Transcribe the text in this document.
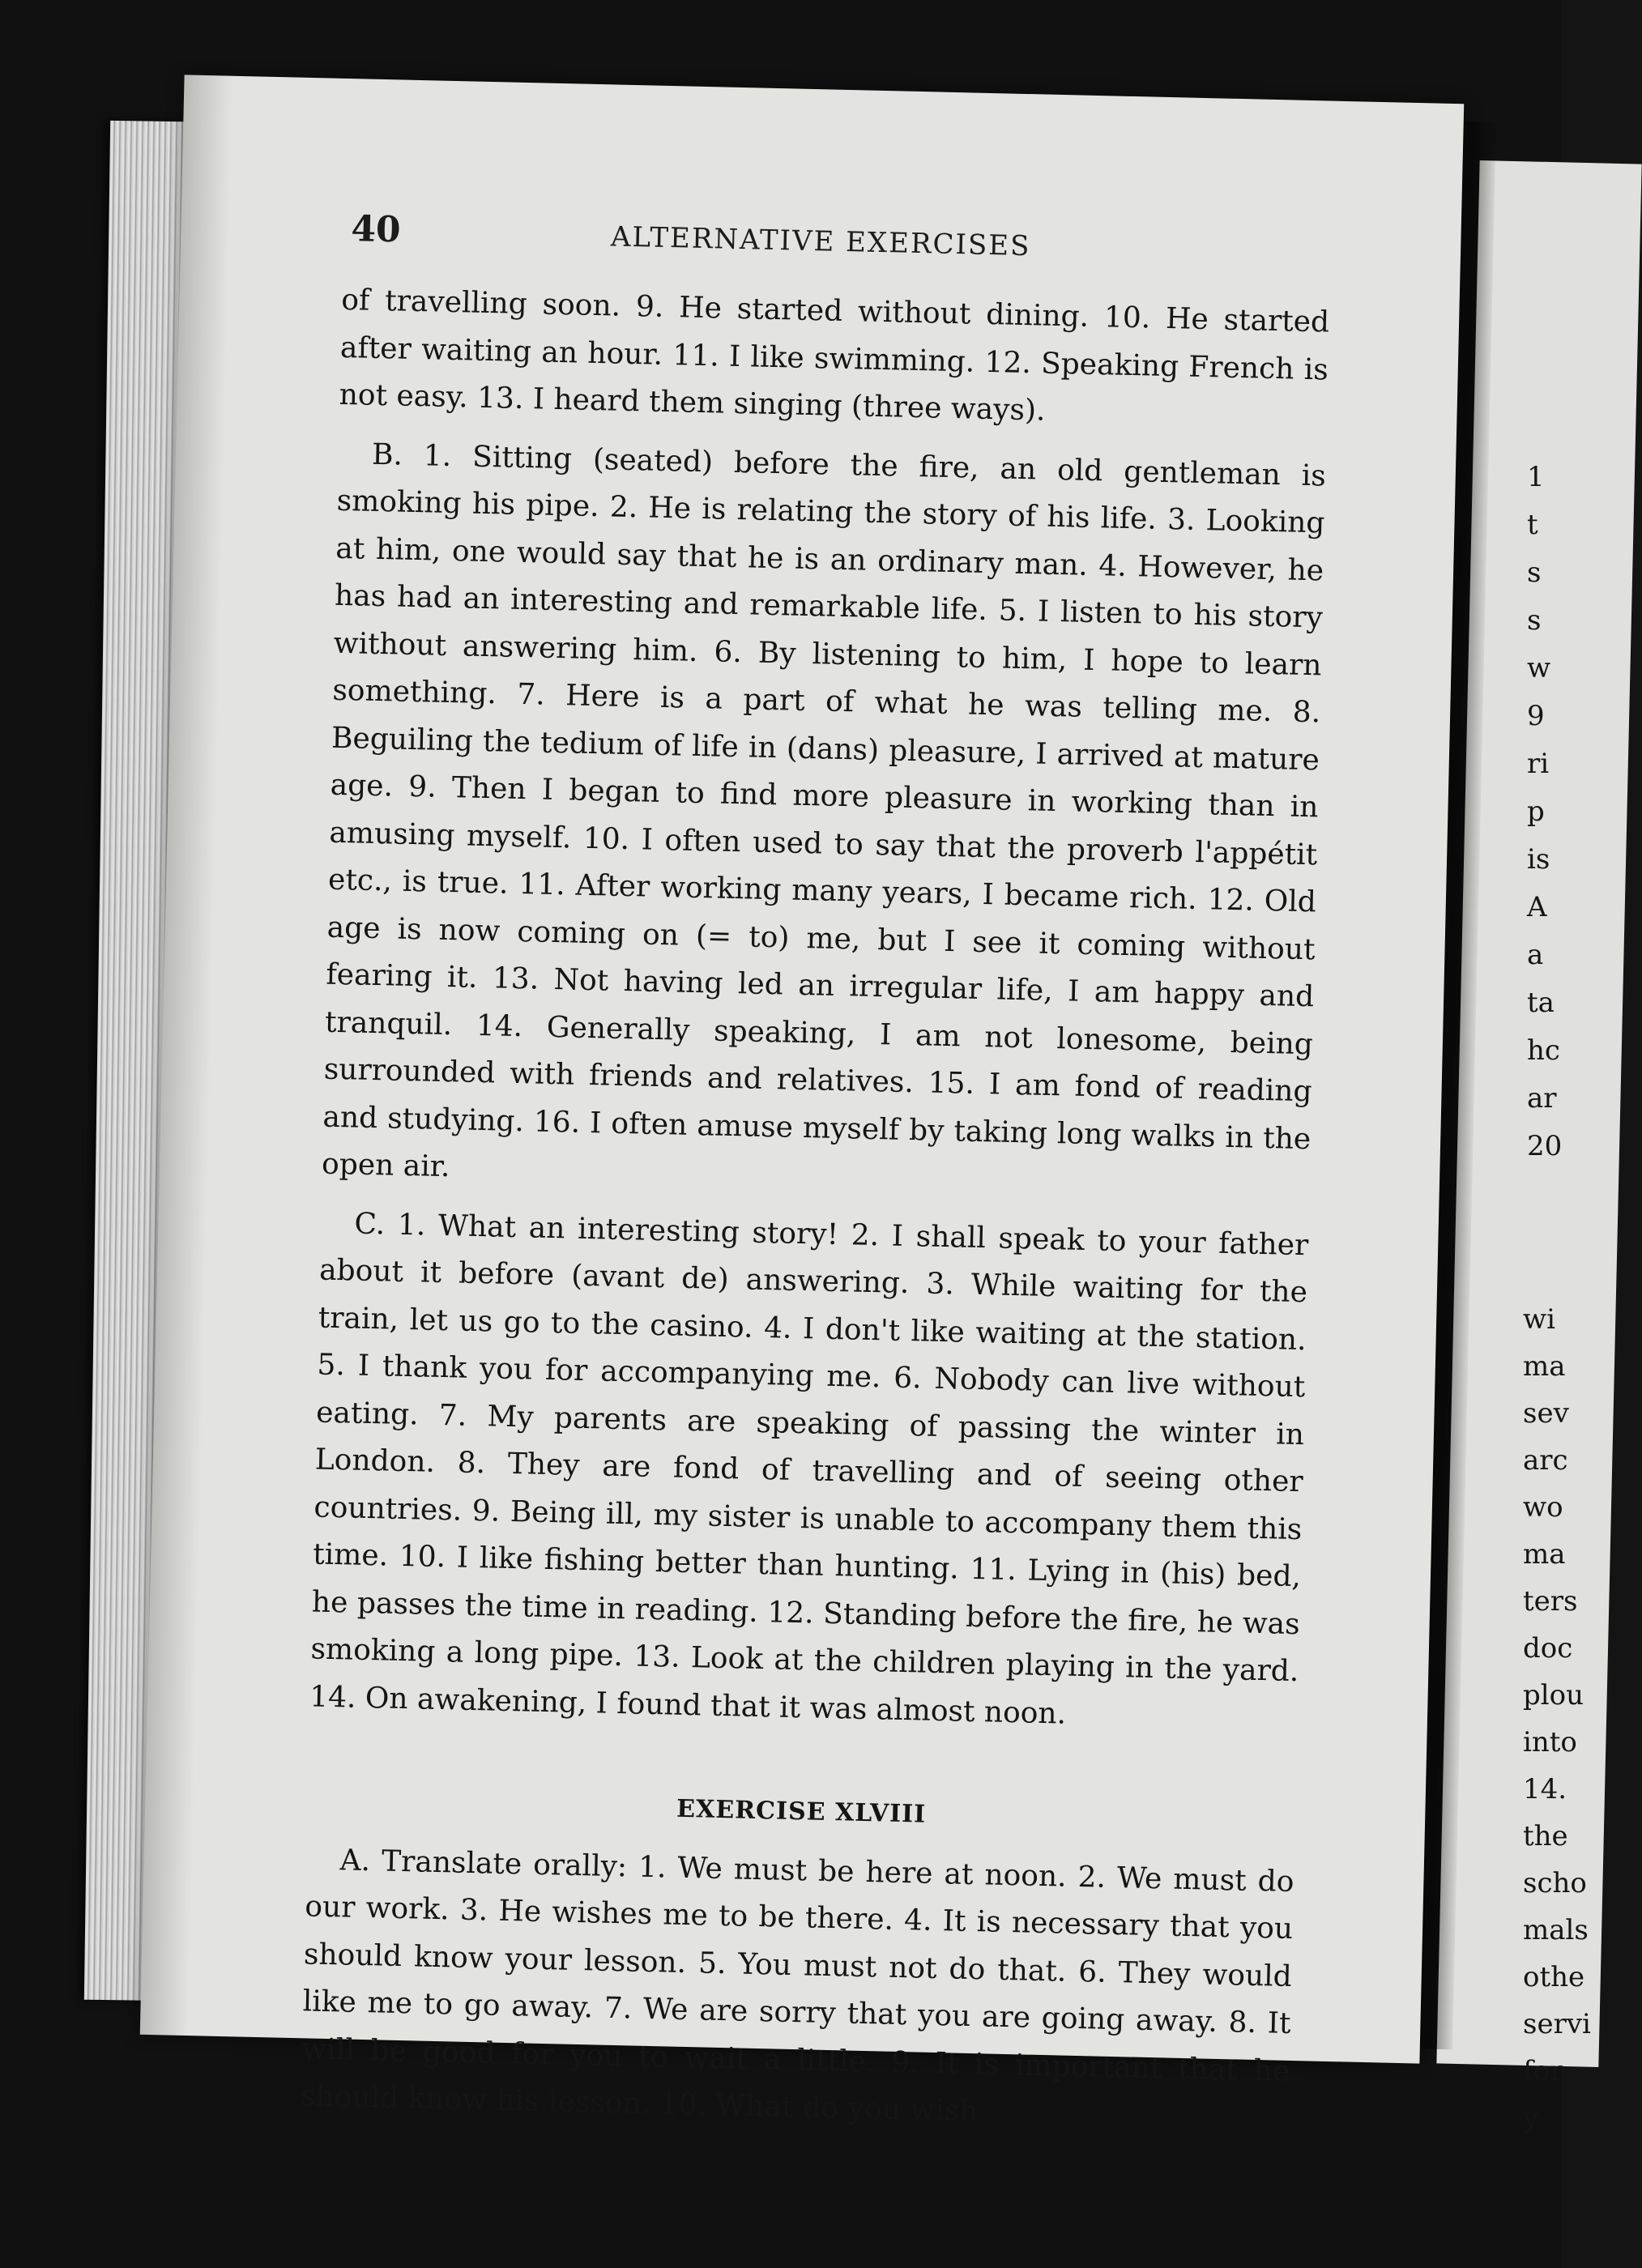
1
t
s
s
w
9
ri
p
is
A
a
ta
hc
ar
20
wi
ma
sev
arc
wo
ma
ters
doc
plou
into
14.
the
scho
mals
othe
servi
for y
40	ALTERNATIVE EXERCISES

of travelling soon. 9. He started without dining. 10. He started after waiting an hour. 11. I like swimming. 12. Speaking French is not easy. 13. I heard them singing (three ways).

B. 1. Sitting (seated) before the fire, an old gentleman is smoking his pipe. 2. He is relating the story of his life. 3. Looking at him, one would say that he is an ordinary man. 4. However, he has had an interesting and remarkable life. 5. I listen to his story without answering him. 6. By listening to him, I hope to learn something. 7. Here is a part of what he was telling me. 8. Beguiling the tedium of life in (dans) pleasure, I arrived at mature age. 9. Then I began to find more pleasure in working than in amusing myself. 10. I often used to say that the proverb l'appétit etc., is true. 11. After working many years, I became rich. 12. Old age is now coming on (= to) me, but I see it coming without fearing it. 13. Not having led an irregular life, I am happy and tranquil. 14. Generally speaking, I am not lonesome, being surrounded with friends and relatives. 15. I am fond of reading and studying. 16. I often amuse myself by taking long walks in the open air.

C. 1. What an interesting story! 2. I shall speak to your father about it before (avant de) answering. 3. While waiting for the train, let us go to the casino. 4. I don't like waiting at the station. 5. I thank you for accompanying me. 6. Nobody can live without eating. 7. My parents are speaking of passing the winter in London. 8. They are fond of travelling and of seeing other countries. 9. Being ill, my sister is unable to accompany them this time. 10. I like fishing better than hunting. 11. Lying in (his) bed, he passes the time in reading. 12. Standing before the fire, he was smoking a long pipe. 13. Look at the children playing in the yard. 14. On awakening, I found that it was almost noon.

EXERCISE XLVIII

A. Translate orally: 1. We must be here at noon. 2. We must do our work. 3. He wishes me to be there. 4. It is necessary that you should know your lesson. 5. You must not do that. 6. They would like me to go away. 7. We are sorry that you are going away. 8. It will be good for you to wait a little. 9. It is important that he should know his lesson. 10. What do you wish
